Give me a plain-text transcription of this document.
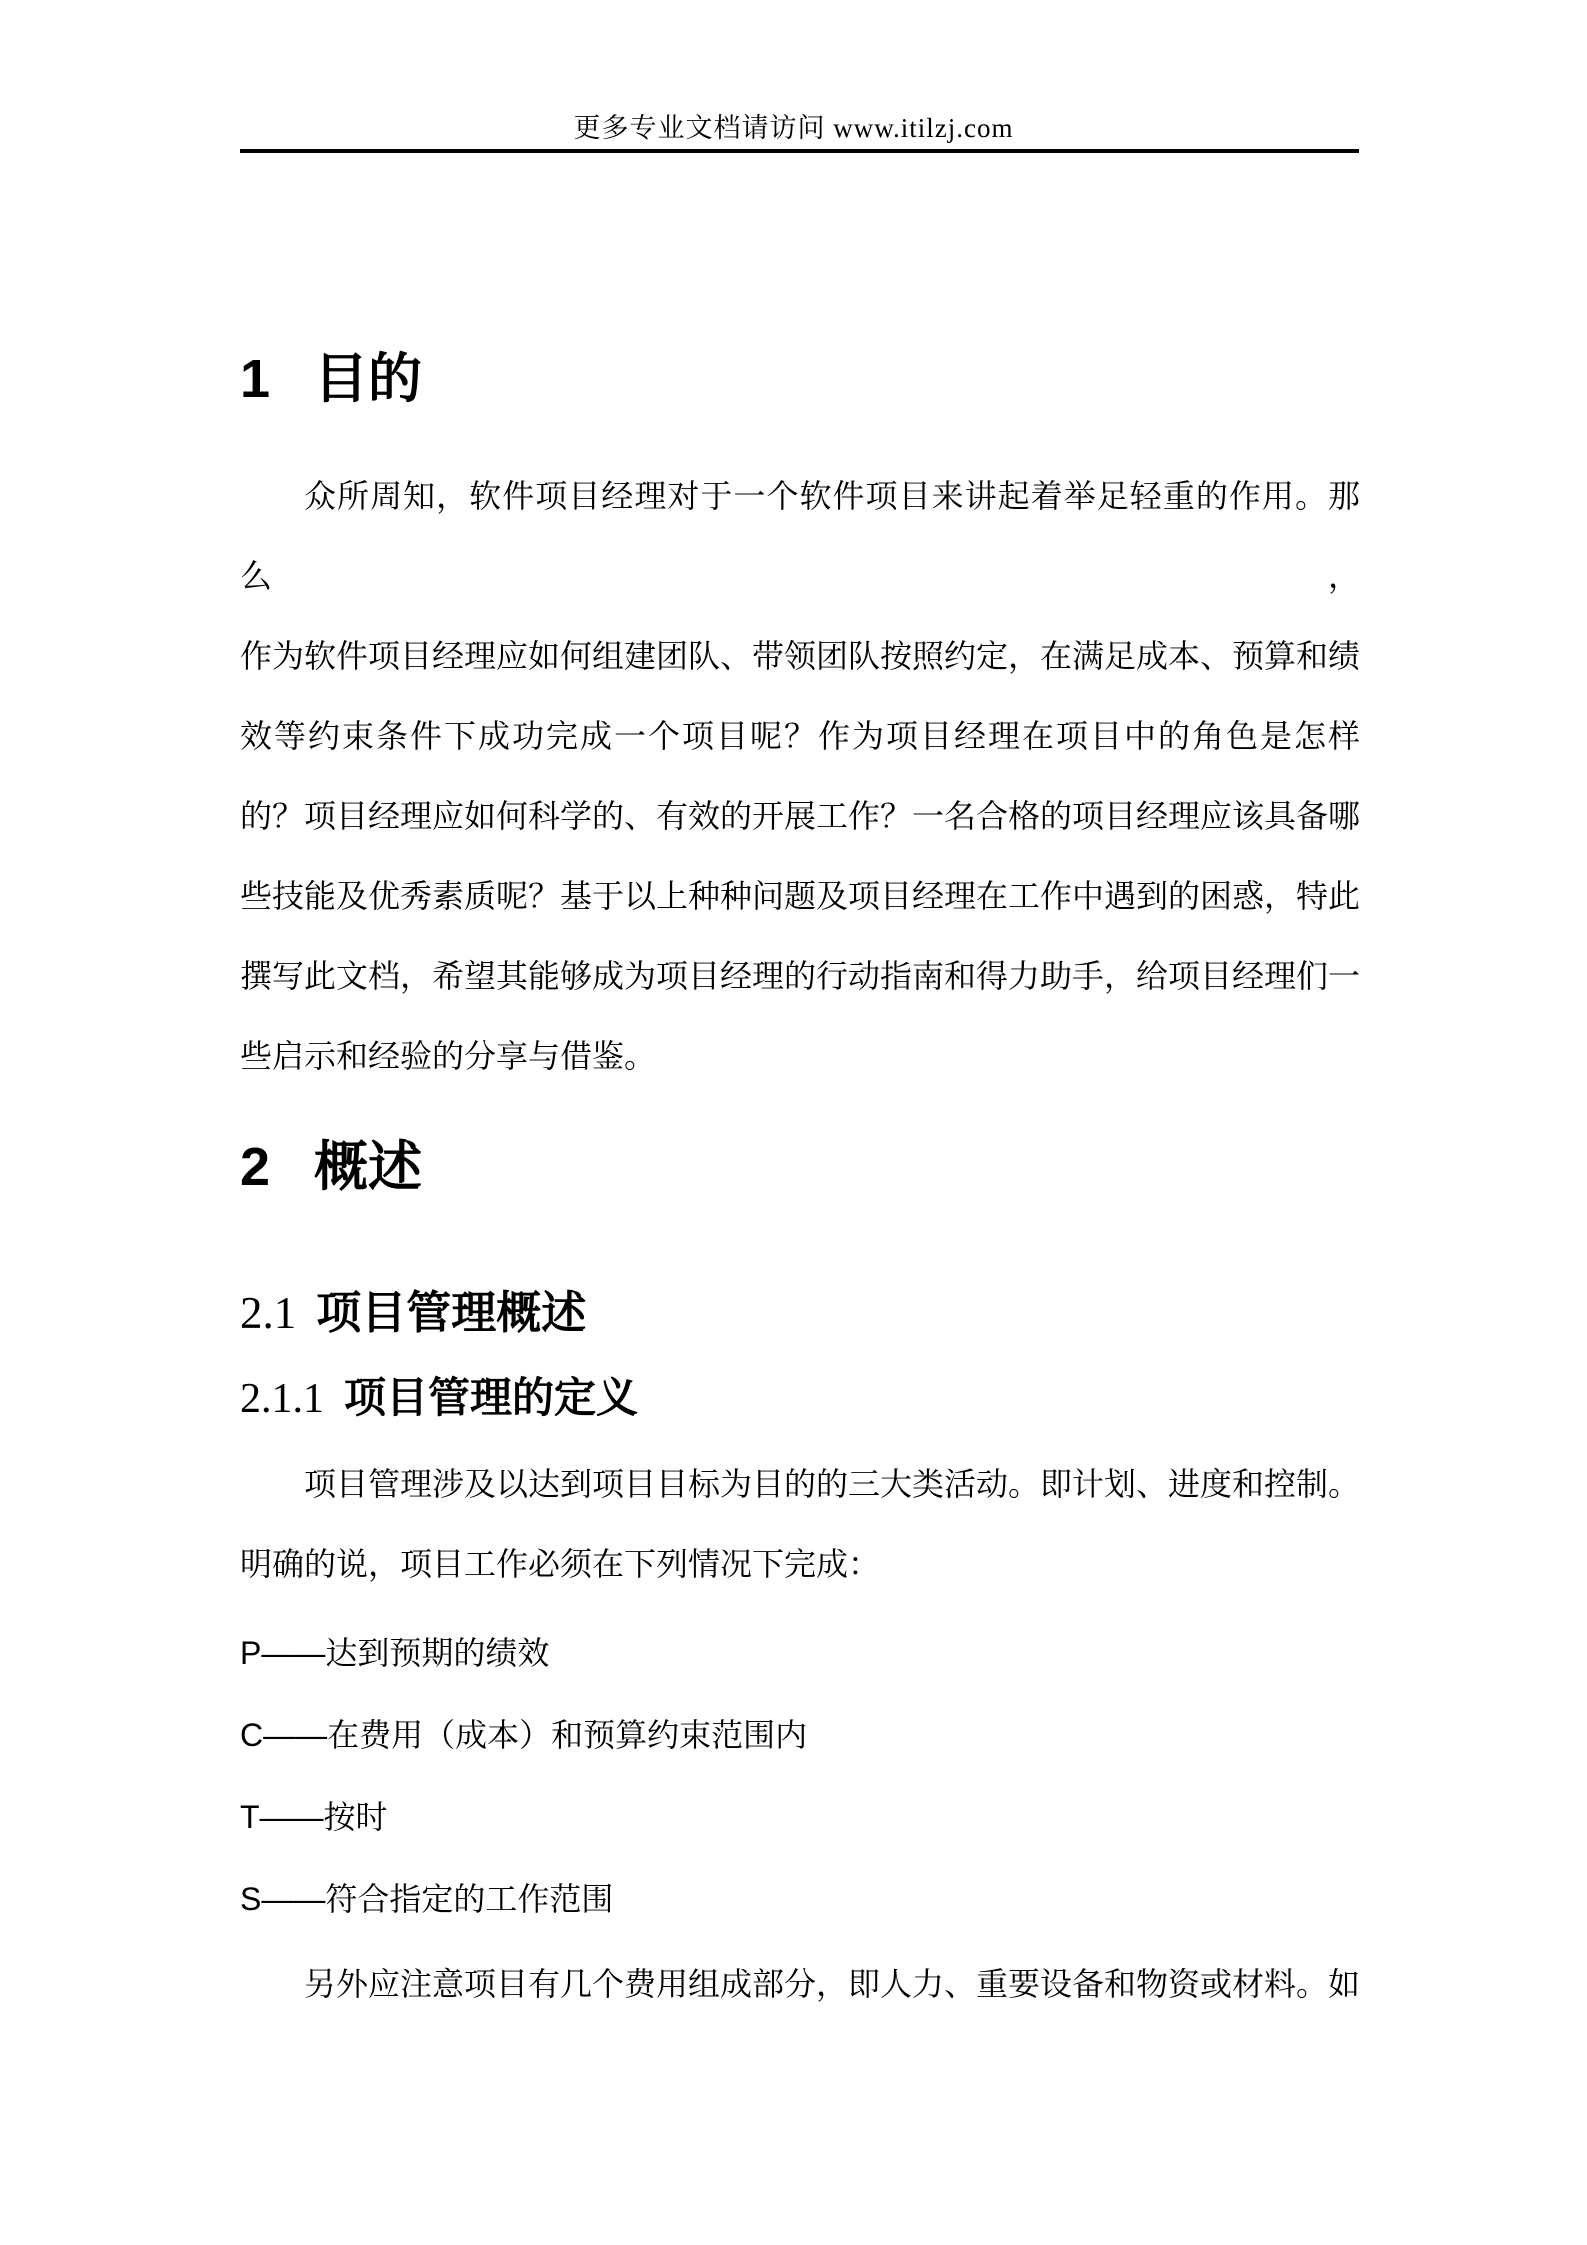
更多专业文档请访问 www.itilzj.com
1 目的
众所周知，软件项目经理对于一个软件项目来讲起着举足轻重的作用。那么，
作为软件项目经理应如何组建团队、带领团队按照约定，在满足成本、预算和绩
效等约束条件下成功完成一个项目呢？作为项目经理在项目中的角色是怎样
的？项目经理应如何科学的、有效的开展工作？一名合格的项目经理应该具备哪
些技能及优秀素质呢？基于以上种种问题及项目经理在工作中遇到的困惑，特此
撰写此文档，希望其能够成为项目经理的行动指南和得力助手，给项目经理们一
些启示和经验的分享与借鉴。
2 概述
2.1 项目管理概述
2.1.1 项目管理的定义
项目管理涉及以达到项目目标为目的的三大类活动。即计划、进度和控制。
明确的说，项目工作必须在下列情况下完成：
P——达到预期的绩效
C——在费用（成本）和预算约束范围内
T——按时
S——符合指定的工作范围
另外应注意项目有几个费用组成部分，即人力、重要设备和物资或材料。如
